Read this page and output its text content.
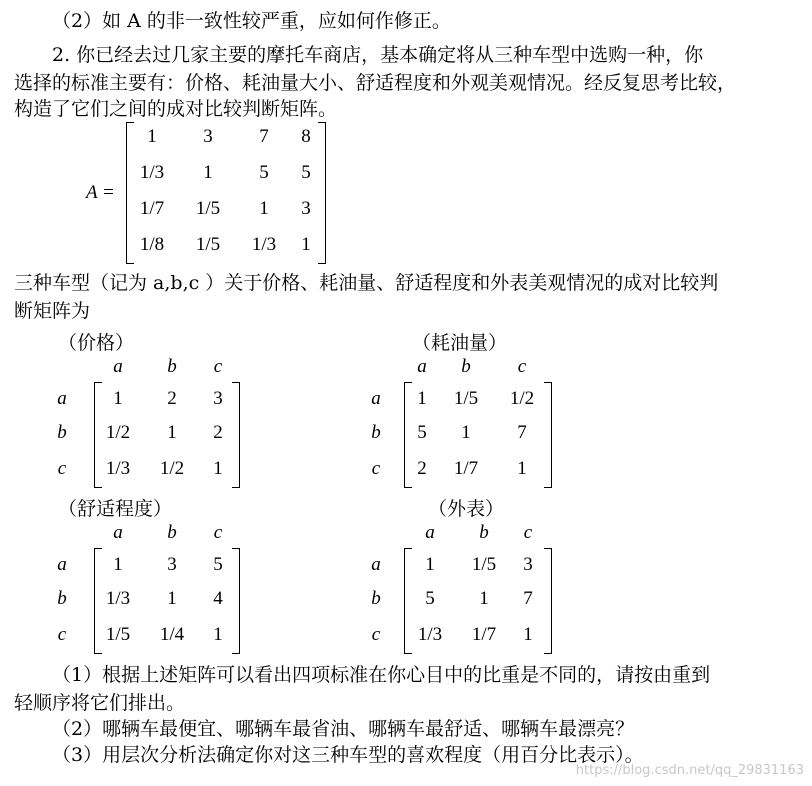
（2）如 A 的非一致性较严重，应如何作修正。
2. 你已经去过几家主要的摩托车商店，基本确定将从三种车型中选购一种，你
选择的标准主要有：价格、耗油量大小、舒适程度和外观美观情况。经反复思考比较，
构造了它们之间的成对比较判断矩阵。
A =
1 3 7 8
1/3 1 5 5
1/7 1/5 1 3
1/8 1/5 1/3 1
三种车型（记为 a,b,c ）关于价格、耗油量、舒适程度和外表美观情况的成对比较判
断矩阵为
（价格）	（耗油量）
（舒适程度）	（外表）
a b c
a
b
c
1 2 3
1/2 1 2
1/3 1/2 1
a b c
a
b
c
1 1/5 1/2
5 1 7
2 1/7 1
a b c
a
b
c
1 3 5
1/3 1 4
1/5 1/4 1
a b c
a
b
c
1 1/5 3
5 1 7
1/3 1/7 1
（1）根据上述矩阵可以看出四项标准在你心目中的比重是不同的，请按由重到
轻顺序将它们排出。
（2）哪辆车最便宜、哪辆车最省油、哪辆车最舒适、哪辆车最漂亮？
（3）用层次分析法确定你对这三种车型的喜欢程度（用百分比表示）。
https://blog.csdn.net/qq_29831163
